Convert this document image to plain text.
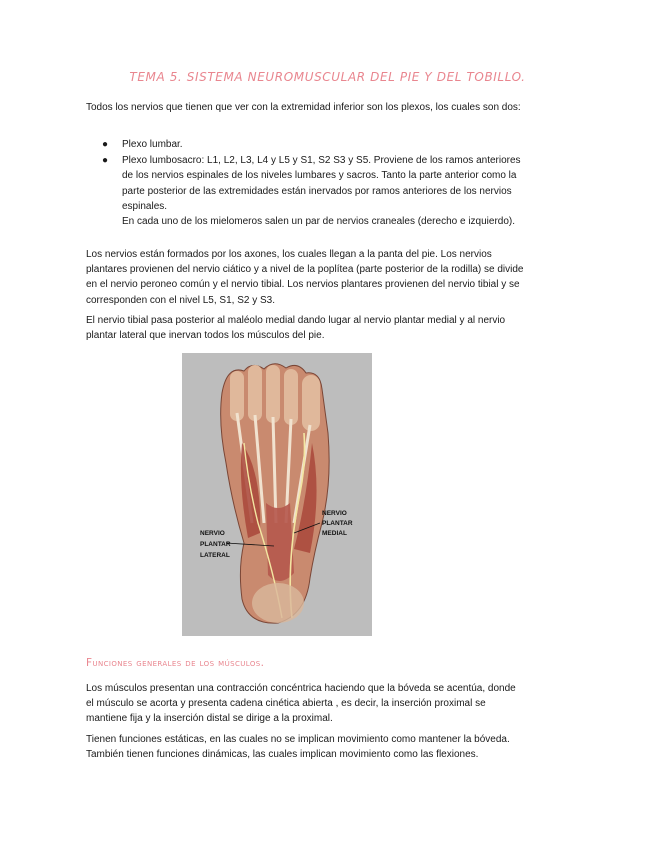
TEMA 5. SISTEMA NEUROMUSCULAR DEL PIE Y DEL TOBILLO.

Todos los nervios que tienen que ver con la extremidad inferior son los plexos, los cuales son dos:

● Plexo lumbar.
● Plexo lumbosacro: L1, L2, L3, L4 y L5 y S1, S2 S3 y S5. Proviene de los ramos anteriores de los nervios espinales de los niveles lumbares y sacros. Tanto la parte anterior como la parte posterior de las extremidades están inervados por ramos anteriores de los nervios espinales.
En cada uno de los mielomeros salen un par de nervios craneales (derecho e izquierdo).

Los nervios están formados por los axones, los cuales llegan a la panta del pie. Los nervios plantares provienen del nervio ciático y a nivel de la poplítea (parte posterior de la rodilla) se divide en el nervio peroneo común y el nervio tibial. Los nervios plantares provienen del nervio tibial y se corresponden con el nivel L5, S1, S2 y S3.

El nervio tibial pasa posterior al maléolo medial dando lugar al nervio plantar medial y al nervio plantar lateral que inervan todos los músculos del pie.

NERVIO
PLANTAR
MEDIAL
NERVIO
PLANTAR
LATERAL
Funciones generales de los músculos.

Los músculos presentan una contracción concéntrica haciendo que la bóveda se acentúa, donde el músculo se acorta y presenta cadena cinética abierta , es decir, la inserción proximal se mantiene fija y la inserción distal se dirige a la proximal.

Tienen funciones estáticas, en las cuales no se implican movimiento como mantener la bóveda. También tienen funciones dinámicas, las cuales implican movimiento como las flexiones.
